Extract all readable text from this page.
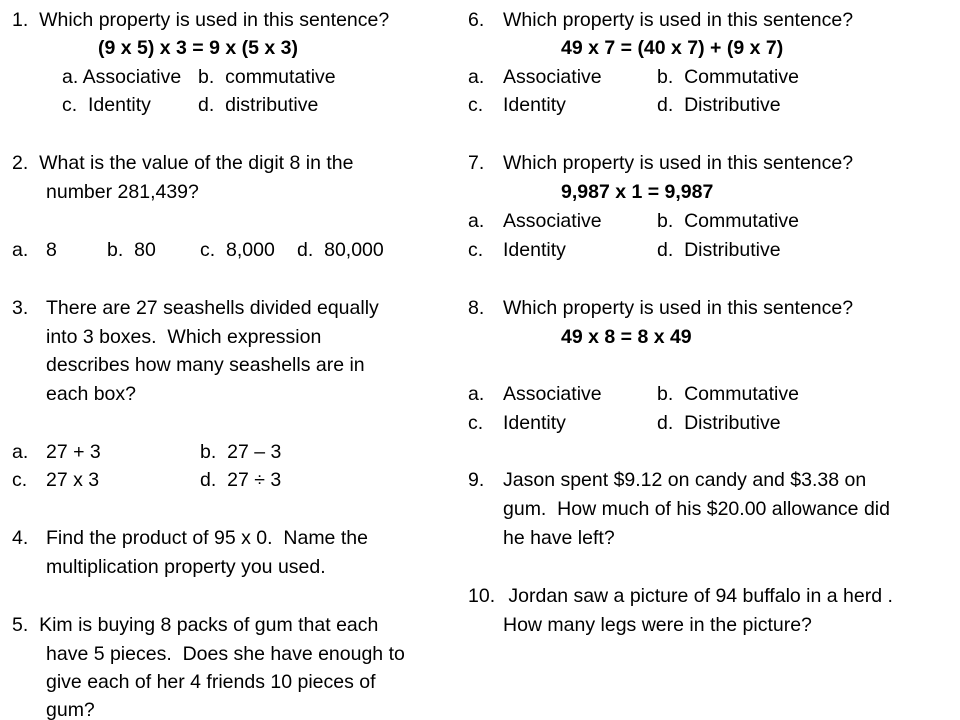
1.  Which property is used in this sentence?
(9 x 5) x 3 = 9 x (5 x 3)
a. Associative b.  commutative
c.  Identity d.  distributive
2.  What is the value of the digit 8 in the
number 281,439?
a. 8	b.  80 c.  8,000 d.  80,000
3. There are 27 seashells divided equally
into 3 boxes.  Which expression
describes how many seashells are in
each box?
a. 27 + 3	b.  27 – 3
c. 27 x 3	d.  27 ÷ 3
4. Find the product of 95 x 0.  Name the
multiplication property you used.
5.  Kim is buying 8 packs of gum that each
have 5 pieces.  Does she have enough to
give each of her 4 friends 10 pieces of
gum?
6. Which property is used in this sentence?
49 x 7 = (40 x 7) + (9 x 7)
a. Associative	b.  Commutative
c. Identity	d.  Distributive
7. Which property is used in this sentence?
9,987 x 1 = 9,987
a. Associative	b.  Commutative
c. Identity	d.  Distributive
8. Which property is used in this sentence?
49 x 8 = 8 x 49
a. Associative	b.  Commutative
c. Identity	d.  Distributive
9. Jason spent $9.12 on candy and $3.38 on
gum.  How much of his $20.00 allowance did
he have left?
10. Jordan saw a picture of 94 buffalo in a herd .
How many legs were in the picture?
